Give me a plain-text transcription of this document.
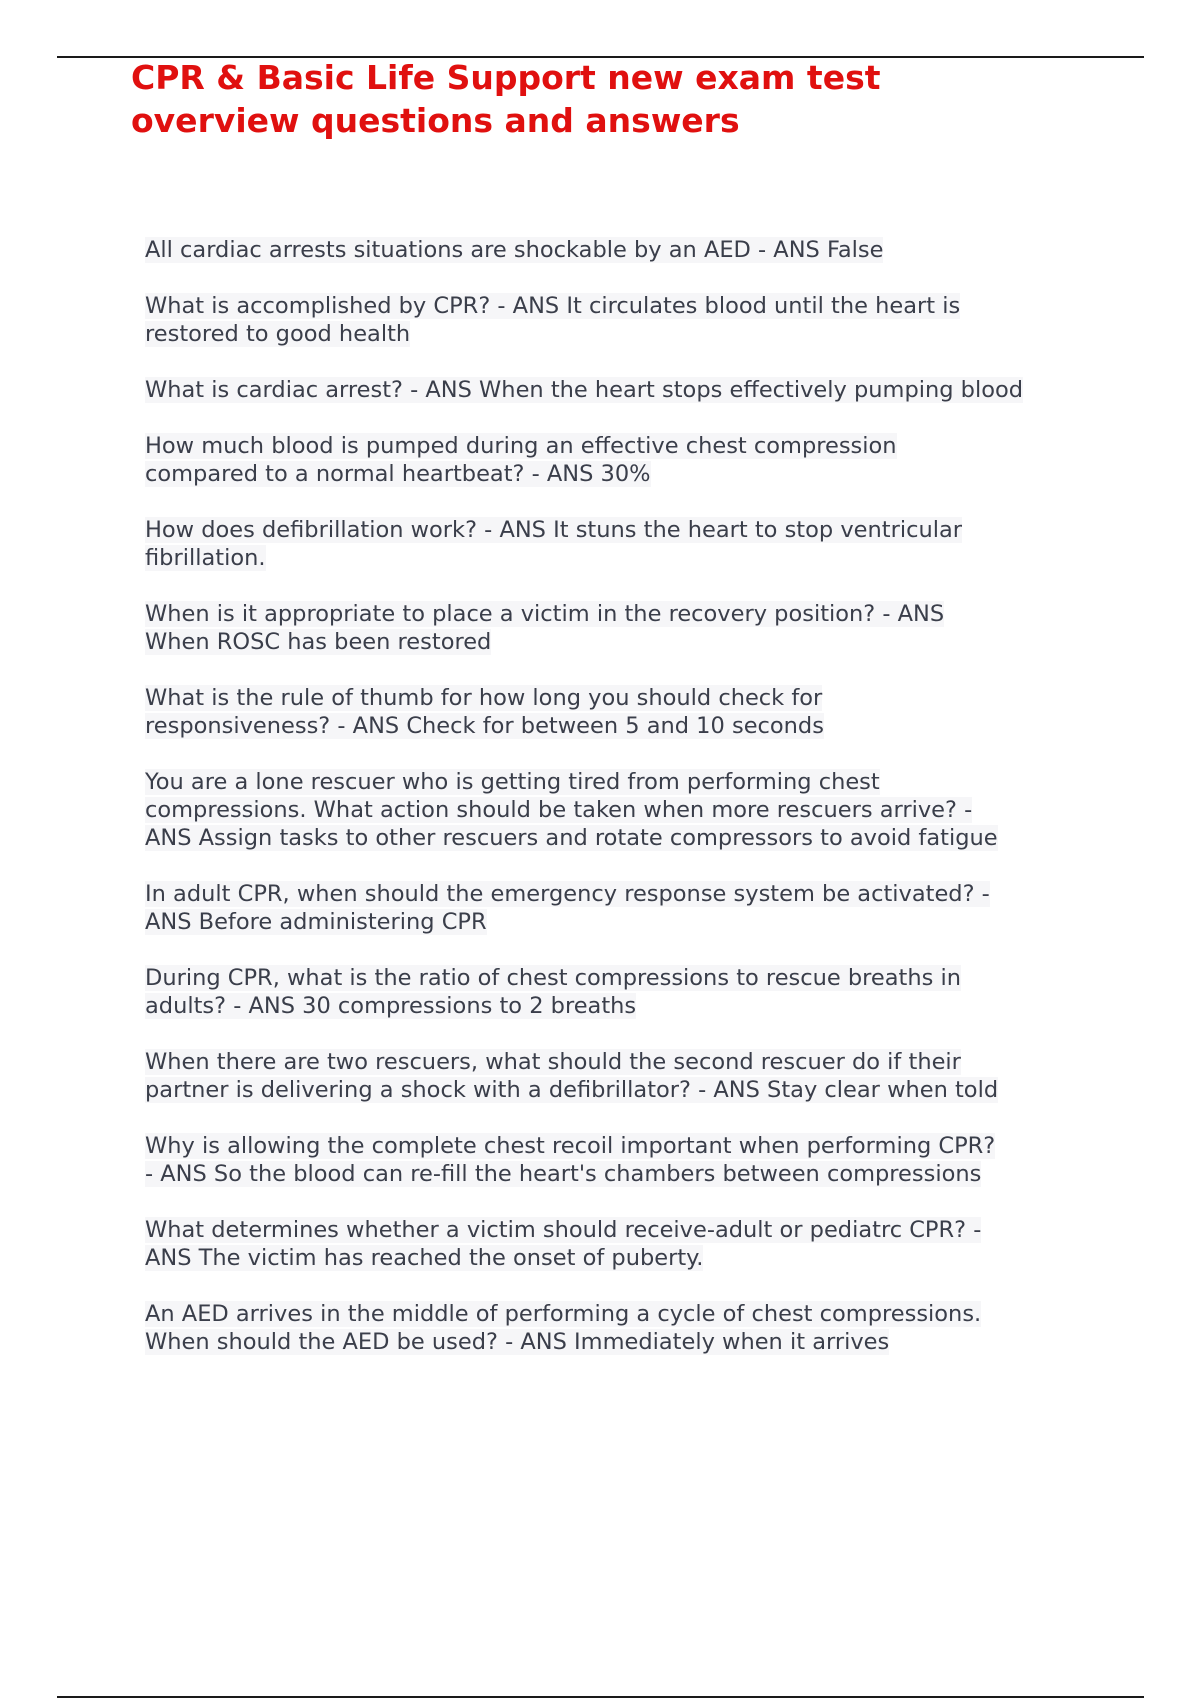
CPR & Basic Life Support new exam test
overview questions and answers
All cardiac arrests situations are shockable by an AED - ANS False
What is accomplished by CPR? - ANS It circulates blood until the heart is
restored to good health
What is cardiac arrest? - ANS When the heart stops effectively pumping blood
How much blood is pumped during an effective chest compression
compared to a normal heartbeat? - ANS 30%
How does defibrillation work? - ANS It stuns the heart to stop ventricular
fibrillation.
When is it appropriate to place a victim in the recovery position? - ANS
When ROSC has been restored
What is the rule of thumb for how long you should check for
responsiveness? - ANS Check for between 5 and 10 seconds
You are a lone rescuer who is getting tired from performing chest
compressions. What action should be taken when more rescuers arrive? -
ANS Assign tasks to other rescuers and rotate compressors to avoid fatigue
In adult CPR, when should the emergency response system be activated? -
ANS Before administering CPR
During CPR, what is the ratio of chest compressions to rescue breaths in
adults? - ANS 30 compressions to 2 breaths
When there are two rescuers, what should the second rescuer do if their
partner is delivering a shock with a defibrillator? - ANS Stay clear when told
Why is allowing the complete chest recoil important when performing CPR?
- ANS So the blood can re-fill the heart's chambers between compressions
What determines whether a victim should receive-adult or pediatrc CPR? -
ANS The victim has reached the onset of puberty.
An AED arrives in the middle of performing a cycle of chest compressions.
When should the AED be used? - ANS Immediately when it arrives
